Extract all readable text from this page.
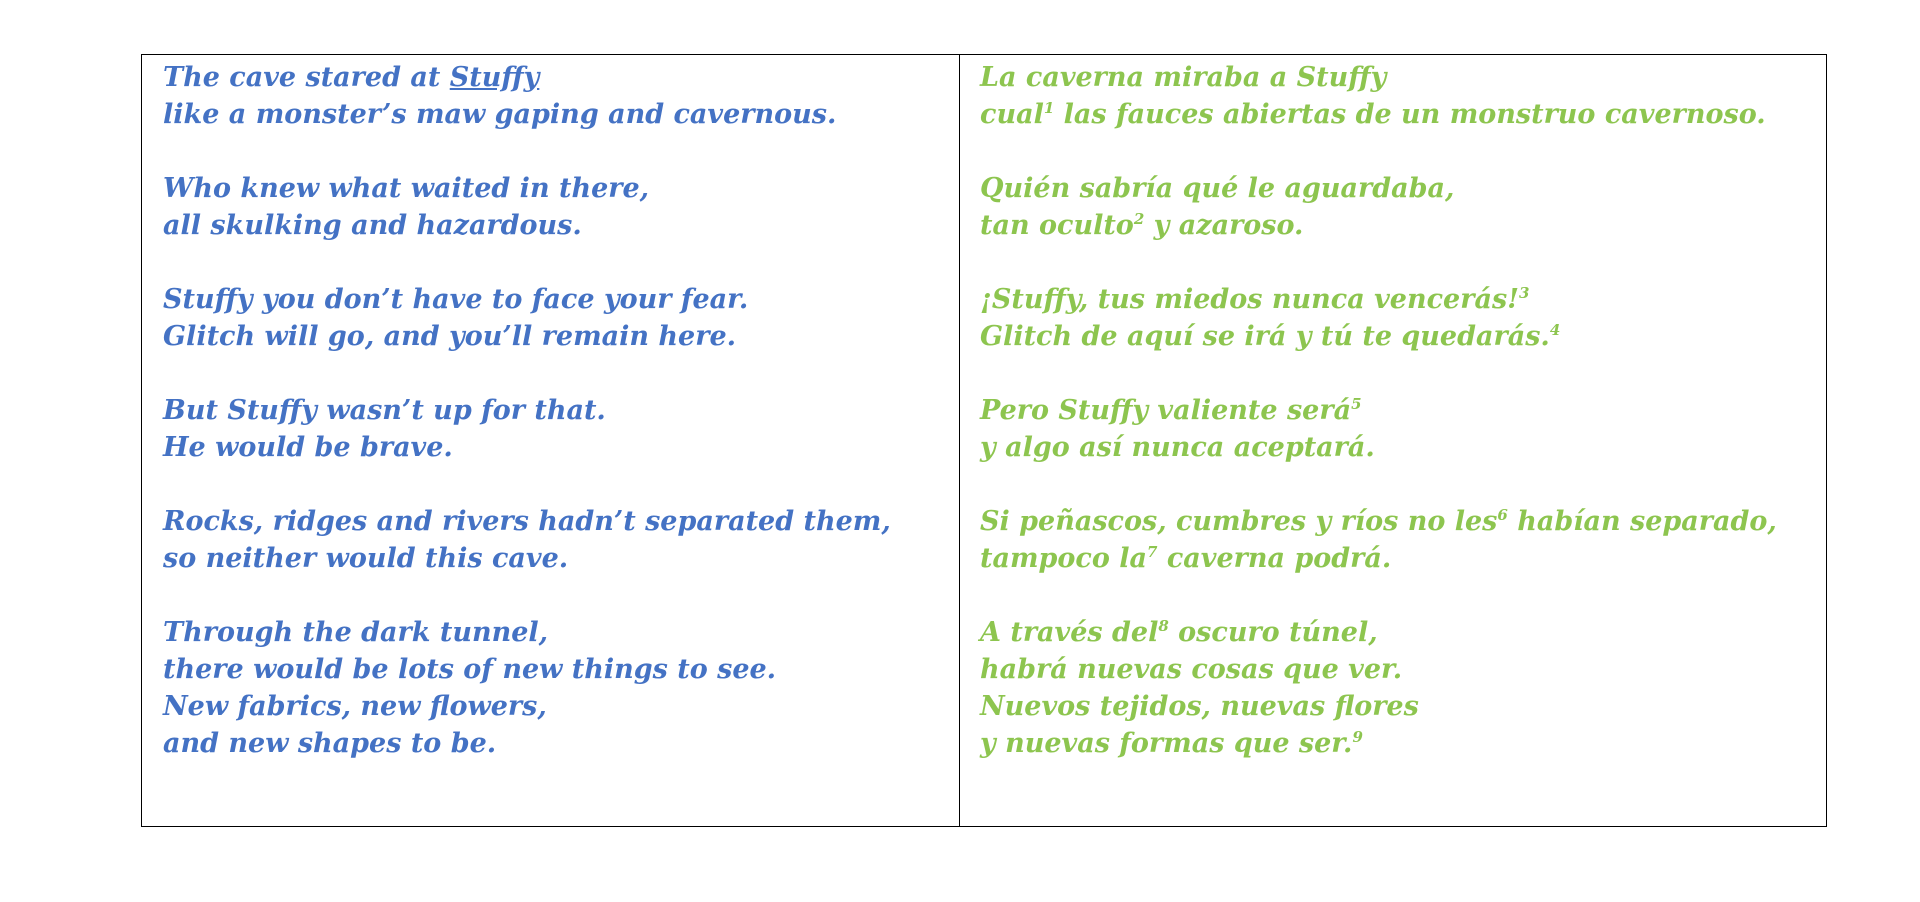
The cave stared at Stuffy
like a monster’s maw gaping and cavernous.
Who knew what waited in there,
all skulking and hazardous.
Stuffy you don’t have to face your fear.
Glitch will go, and you’ll remain here.
But Stuffy wasn’t up for that.
He would be brave.
Rocks, ridges and rivers hadn’t separated them,
so neither would this cave.
Through the dark tunnel,
there would be lots of new things to see.
New fabrics, new flowers,
and new shapes to be.
La caverna miraba a Stuffy
cual$^1$ las fauces abiertas de un monstruo cavernoso.
Quién sabría qué le aguardaba,
tan oculto$^2$ y azaroso.
¡Stuffy, tus miedos nunca vencerás!$^3$
Glitch de aquí se irá y tú te quedarás.$^4$
Pero Stuffy valiente será$^5$
y algo así nunca aceptará.
Si peñascos, cumbres y ríos no les$^6$ habían separado,
tampoco $la^7$ caverna podrá.
A través del$^8$ oscuro túnel,
habrá nuevas cosas que ver.
Nuevos tejidos, nuevas flores
y nuevas formas que ser.$^9$
